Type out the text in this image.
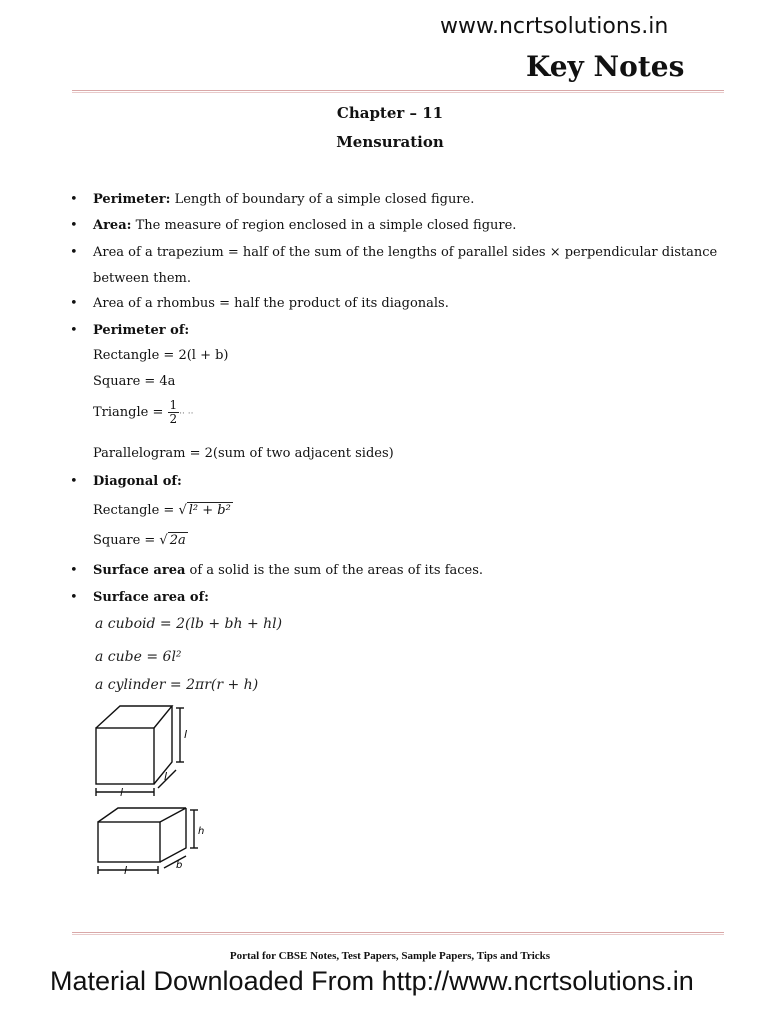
www.ncrtsolutions.in
Key Notes
Chapter – 11
Mensuration
• Perimeter: Length of boundary of a simple closed figure.
• Area: The measure of region enclosed in a simple closed figure.
• Area of a trapezium = half of the sum of the lengths of parallel sides × perpendicular distance
between them.
• Area of a rhombus = half the product of its diagonals.
• Perimeter of:
Rectangle = 2(l + b)
Square = 4a
Triangle = $\frac{1}{2}$ ·· ··
Parallelogram = 2(sum of two adjacent sides)
• Diagonal of:
Rectangle = √ l² + b²
Square = √ 2a
• Surface area of a solid is the sum of the areas of its faces.
• Surface area of:
a cuboid = 2(lb + bh + hl)
a cube = 6l²
a cylinder = 2πr(r + h)
l
l
l
h
b
l
Portal for CBSE Notes, Test Papers, Sample Papers, Tips and Tricks
Material Downloaded From http://www.ncrtsolutions.in
